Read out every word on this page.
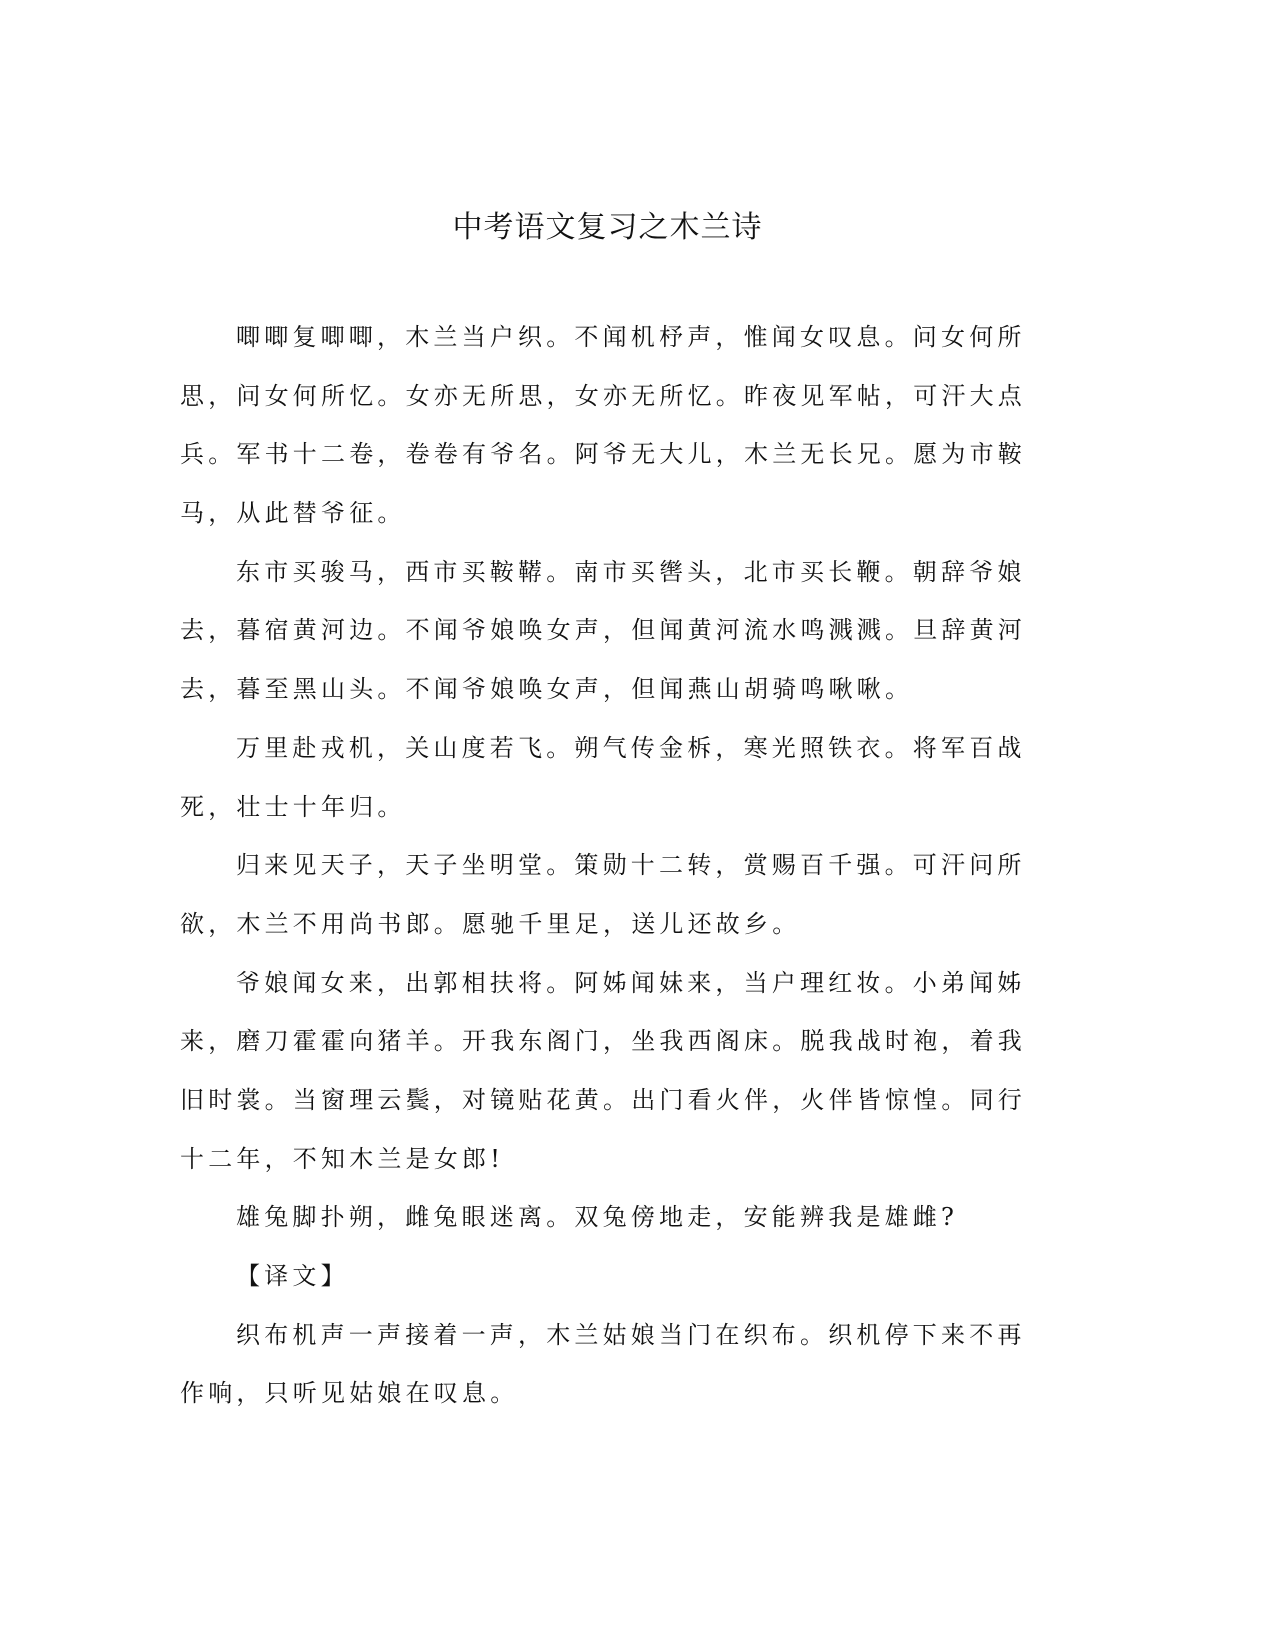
中考语文复习之木兰诗
唧唧复唧唧，木兰当户织。不闻机杼声，惟闻女叹息。问女何所
思，问女何所忆。女亦无所思，女亦无所忆。昨夜见军帖，可汗大点
兵。军书十二卷，卷卷有爷名。阿爷无大儿，木兰无长兄。愿为市鞍
马，从此替爷征。
东市买骏马，西市买鞍鞯。南市买辔头，北市买长鞭。朝辞爷娘
去，暮宿黄河边。不闻爷娘唤女声，但闻黄河流水鸣溅溅。旦辞黄河
去，暮至黑山头。不闻爷娘唤女声，但闻燕山胡骑鸣啾啾。
万里赴戎机，关山度若飞。朔气传金柝，寒光照铁衣。将军百战
死，壮士十年归。
归来见天子，天子坐明堂。策勋十二转，赏赐百千强。可汗问所
欲，木兰不用尚书郎。愿驰千里足，送儿还故乡。
爷娘闻女来，出郭相扶将。阿姊闻妹来，当户理红妆。小弟闻姊
来，磨刀霍霍向猪羊。开我东阁门，坐我西阁床。脱我战时袍，着我
旧时裳。当窗理云鬓，对镜贴花黄。出门看火伴，火伴皆惊惶。同行
十二年，不知木兰是女郎!
雄兔脚扑朔，雌兔眼迷离。双兔傍地走，安能辨我是雄雌?
【译文】
织布机声一声接着一声，木兰姑娘当门在织布。织机停下来不再
作响，只听见姑娘在叹息。
